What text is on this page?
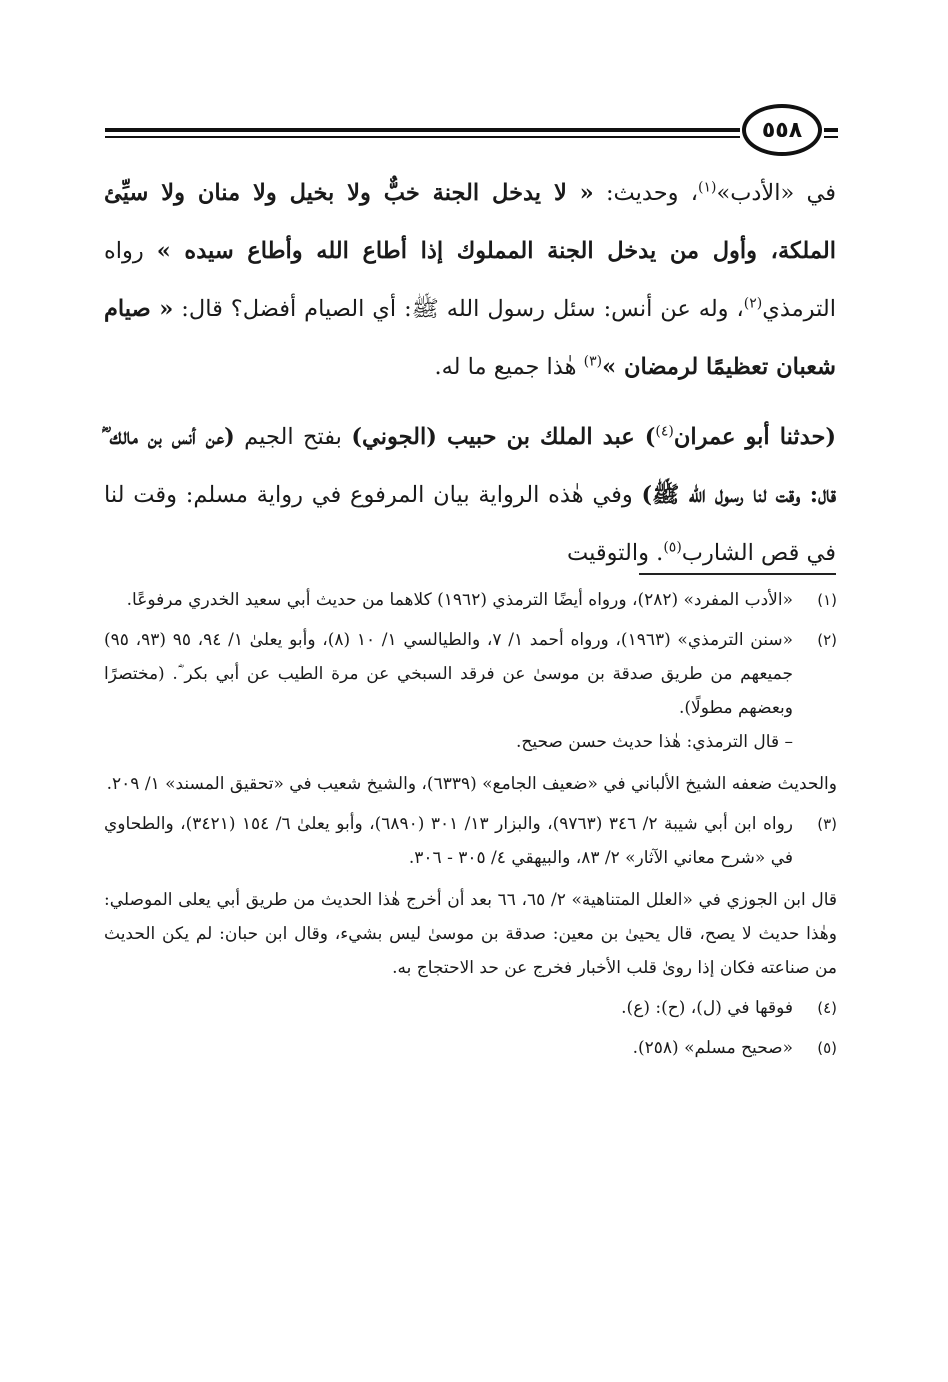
٥٥٨

في «الأدب»$^{(١)}$، وحديث: « لا يدخل الجنة خبٌّ ولا بخيل ولا منان ولا سيِّئ الملكة، وأول من يدخل الجنة المملوك إذا أطاع الله وأطاع سيده » رواه الترمذي$^{(٢)}$، وله عن أنس: سئل رسول الله ﷺ: أي الصيام أفضل؟ قال: « صيام شعبان تعظيمًا لرمضان »$^{(٣)}$ هٰذا جميع ما له.

(حدثنا أبو عمران$^{(٤)}$) عبد الملك بن حبيب (الجوني) بفتح الجيم (عن أنس بن مالك ؓ قال: وقت لنا رسول الله ﷺ) وفي هٰذه الرواية بيان المرفوع في رواية مسلم: وقت لنا في قص الشارب$^{(٥)}$. والتوقيت

(١)

«الأدب المفرد» (٢٨٢)، ورواه أيضًا الترمذي (١٩٦٢) كلاهما من حديث أبي سعيد الخدري مرفوعًا.

(٢)

«سنن الترمذي» (١٩٦٣)، ورواه أحمد ١/ ٧، والطيالسي ١/ ١٠ (٨)، وأبو يعلىٰ ١/ ٩٤، ٩٥ (٩٣، ٩٥) جميعهم من طريق صدقة بن موسىٰ عن فرقد السبخي عن مرة الطيب عن أبي بكر ؓ. (مختصرًا وبعضهم مطولًا).

– قال الترمذي: هٰذا حديث حسن صحيح.

والحديث ضعفه الشيخ الألباني في «ضعيف الجامع» (٦٣٣٩)، والشيخ شعيب في «تحقيق المسند» ١/ ٢٠٩.

(٣)

رواه ابن أبي شيبة ٢/ ٣٤٦ (٩٧٦٣)، والبزار ١٣/ ٣٠١ (٦٨٩٠)، وأبو يعلىٰ ٦/ ١٥٤ (٣٤٢١)، والطحاوي في «شرح معاني الآثار» ٢/ ٨٣، والبيهقي ٤/ ٣٠٥ - ٣٠٦.

قال ابن الجوزي في «العلل المتناهية» ٢/ ٦٥، ٦٦ بعد أن أخرج هٰذا الحديث من طريق أبي يعلى الموصلي: وهٰذا حديث لا يصح، قال يحيىٰ بن معين: صدقة بن موسىٰ ليس بشيء، وقال ابن حبان: لم يكن الحديث من صناعته فكان إذا روىٰ قلب الأخبار فخرج عن حد الاحتجاج به.

(٤)

فوقها في (ل)، (ح): (ع).

(٥)

«صحيح مسلم» (٢٥٨).
